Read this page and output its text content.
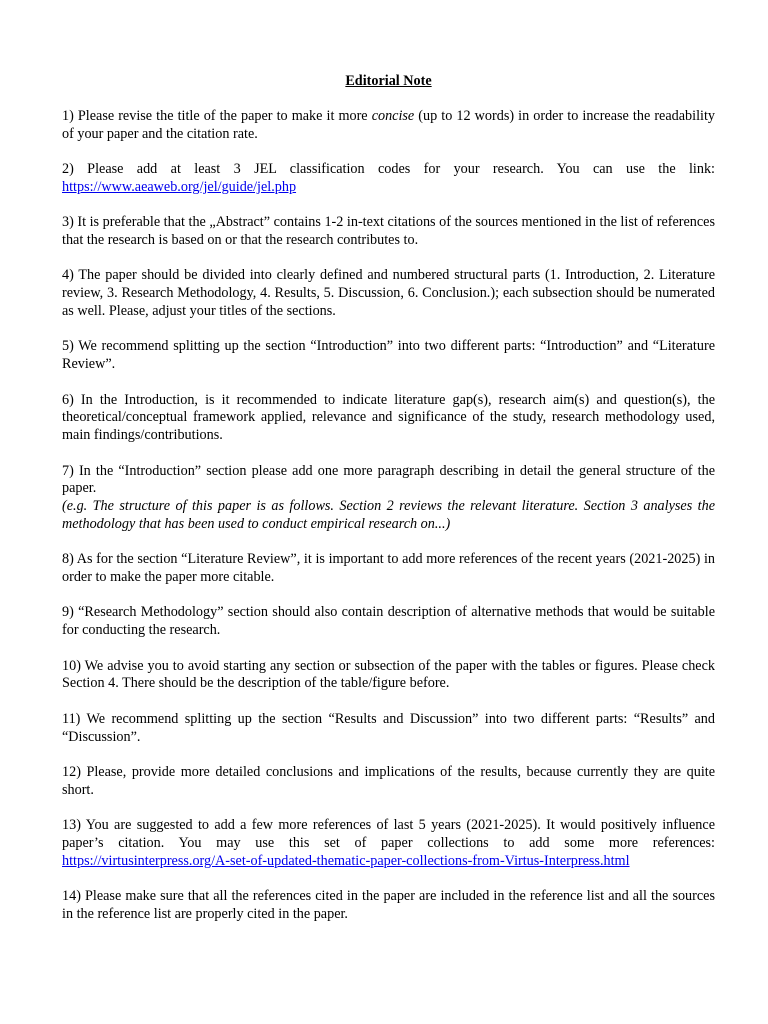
Editorial Note

1) Please revise the title of the paper to make it more concise (up to 12 words) in order to increase the readability of your paper and the citation rate.

2) Please add at least 3 JEL classification codes for your research. You can use the link: https://www.aeaweb.org/jel/guide/jel.php

3) It is preferable that the „Abstract” contains 1-2 in-text citations of the sources mentioned in the list of references that the research is based on or that the research contributes to.

4) The paper should be divided into clearly defined and numbered structural parts (1. Introduction, 2. Literature review, 3. Research Methodology, 4. Results, 5. Discussion, 6. Conclusion.); each subsection should be numerated as well. Please, adjust your titles of the sections.

5) We recommend splitting up the section “Introduction” into two different parts: “Introduction” and “Literature Review”.

6) In the Introduction, is it recommended to indicate literature gap(s), research aim(s) and question(s), the theoretical/conceptual framework applied, relevance and significance of the study, research methodology used, main findings/contributions.

7) In the “Introduction” section please add one more paragraph describing in detail the general structure of the paper.
(e.g. The structure of this paper is as follows. Section 2 reviews the relevant literature. Section 3 analyses the methodology that has been used to conduct empirical research on...)

8) As for the section “Literature Review”, it is important to add more references of the recent years (2021-2025) in order to make the paper more citable.

9) “Research Methodology” section should also contain description of alternative methods that would be suitable for conducting the research.

10) We advise you to avoid starting any section or subsection of the paper with the tables or figures. Please check Section 4. There should be the description of the table/figure before.

11) We recommend splitting up the section “Results and Discussion” into two different parts: “Results” and “Discussion”.

12) Please, provide more detailed conclusions and implications of the results, because currently they are quite short.

13) You are suggested to add a few more references of last 5 years (2021-2025). It would positively influence paper’s citation. You may use this set of paper collections to add some more references: https://virtusinterpress.org/A-set-of-updated-thematic-paper-collections-from-Virtus-Interpress.html

14) Please make sure that all the references cited in the paper are included in the reference list and all the sources in the reference list are properly cited in the paper.
